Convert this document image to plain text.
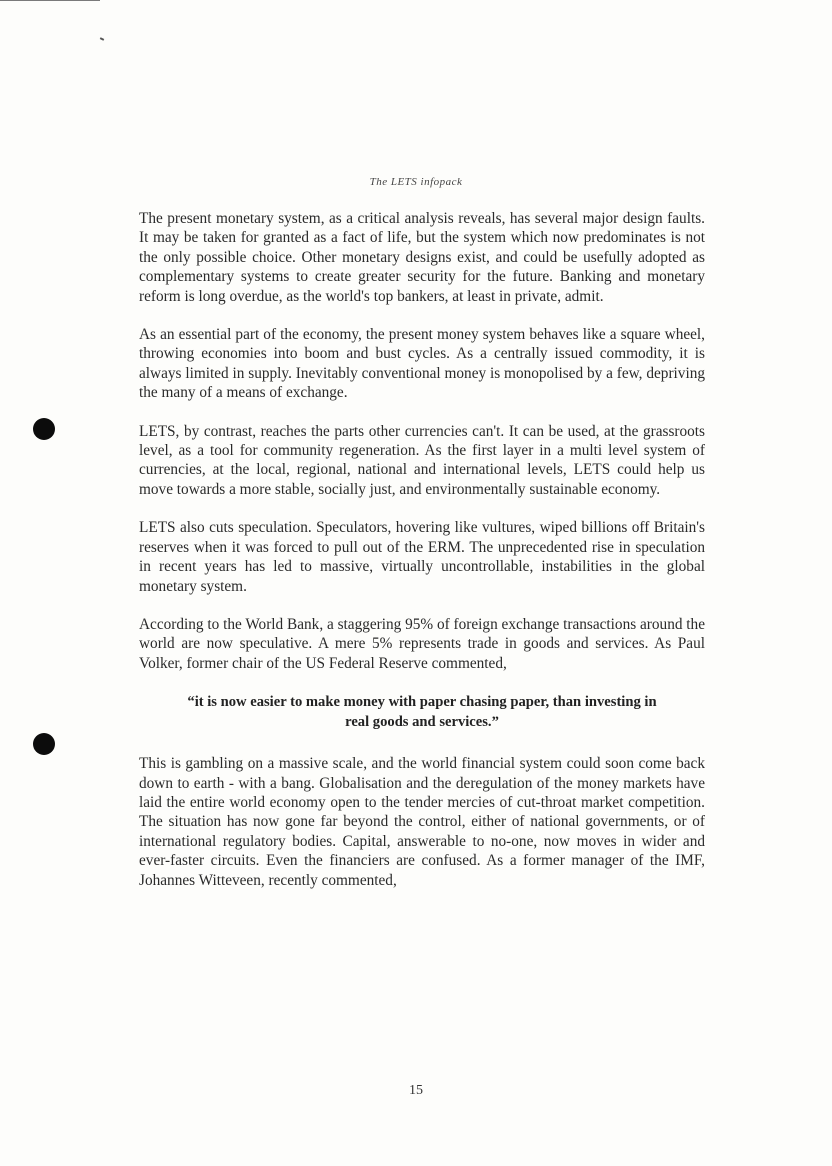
The LETS infopack

The present monetary system, as a critical analysis reveals, has several major design faults. It may be taken for granted as a fact of life, but the system which now predominates is not the only possible choice. Other monetary designs exist, and could be usefully adopted as complementary systems to create greater security for the future. Banking and monetary reform is long overdue, as the world's top bankers, at least in private, admit.

As an essential part of the economy, the present money system behaves like a square wheel, throwing economies into boom and bust cycles. As a centrally issued commodity, it is always limited in supply. Inevitably conventional money is monopolised by a few, depriving the many of a means of exchange.

LETS, by contrast, reaches the parts other currencies can't. It can be used, at the grassroots level, as a tool for community regeneration. As the first layer in a multi level system of currencies, at the local, regional, national and international levels, LETS could help us move towards a more stable, socially just, and environmentally sustainable economy.

LETS also cuts speculation. Speculators, hovering like vultures, wiped billions off Britain's reserves when it was forced to pull out of the ERM. The unprecedented rise in speculation in recent years has led to massive, virtually uncontrollable, instabilities in the global monetary system.

According to the World Bank, a staggering 95% of foreign exchange transactions around the world are now speculative. A mere 5% represents trade in goods and services. As Paul Volker, former chair of the US Federal Reserve commented,

“it is now easier to make money with paper chasing paper, than investing in real goods and services.”

This is gambling on a massive scale, and the world financial system could soon come back down to earth - with a bang. Globalisation and the deregulation of the money markets have laid the entire world economy open to the tender mercies of cut-throat market competition. The situation has now gone far beyond the control, either of national governments, or of international regulatory bodies. Capital, answerable to no-one, now moves in wider and ever-faster circuits. Even the financiers are confused. As a former manager of the IMF, Johannes Witteveen, recently commented,

15
